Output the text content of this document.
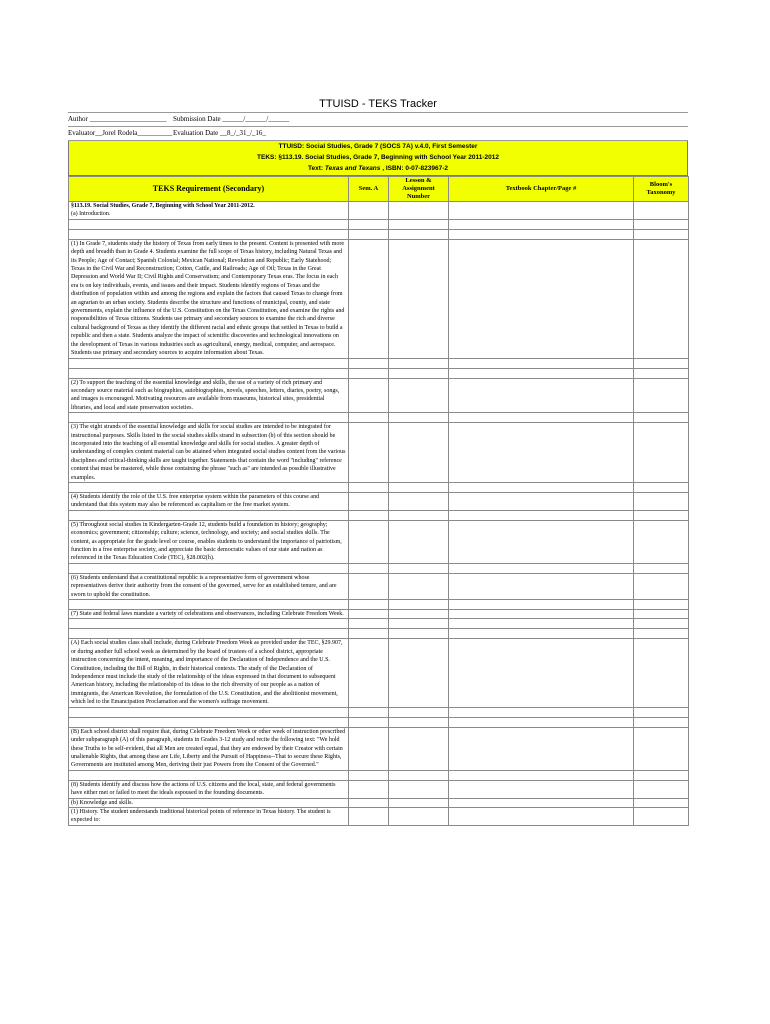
TTUISD - TEKS Tracker
Author ______________________ Submission Date ______/______/______
Evaluator__Jorel Rodela__________ Evaluation Date __8_/_31_/_16_
TTUISD: Social Studies, Grade 7 (SOCS 7A) v.4.0, First Semester
TEKS: §113.19. Social Studies, Grade 7, Beginning with School Year 2011-2012
Text: Texas and Texans , ISBN: 0-07-823967-2
TEKS Requirement (Secondary)	Sem. A	Lesson & Assignment Number	Textbook Chapter/Page #	Bloom's Taxonomy

§113.19. Social Studies, Grade 7, Beginning with School Year 2011-2012.
(a) Introduction.				

(1) In Grade 7, students study the history of Texas from early times to the present. Content is presented with more depth and breadth than in Grade 4. Students examine the full scope of Texas history, including Natural Texas and its People; Age of Contact; Spanish Colonial; Mexican National; Revolution and Republic; Early Statehood; Texas in the Civil War and Reconstruction; Cotton, Cattle, and Railroads; Age of Oil; Texas in the Great Depression and World War II; Civil Rights and Conservatism; and Contemporary Texas eras. The focus in each era is on key individuals, events, and issues and their impact. Students identify regions of Texas and the distribution of population within and among the regions and explain the factors that caused Texas to change from an agrarian to an urban society. Students describe the structure and functions of municipal, county, and state governments, explain the influence of the U.S. Constitution on the Texas Constitution, and examine the rights and responsibilities of Texas citizens. Students use primary and secondary sources to examine the rich and diverse cultural background of Texas as they identify the different racial and ethnic groups that settled in Texas to build a republic and then a state. Students analyze the impact of scientific discoveries and technological innovations on the development of Texas in various industries such as agricultural, energy, medical, computer, and aerospace. Students use primary and secondary sources to acquire information about Texas.				

(2) To support the teaching of the essential knowledge and skills, the use of a variety of rich primary and secondary source material such as biographies, autobiographies, novels, speeches, letters, diaries, poetry, songs, and images is encouraged. Motivating resources are available from museums, historical sites, presidential libraries, and local and state preservation societies.				

(3) The eight strands of the essential knowledge and skills for social studies are intended to be integrated for instructional purposes. Skills listed in the social studies skills strand in subsection (b) of this section should be incorporated into the teaching of all essential knowledge and skills for social studies. A greater depth of understanding of complex content material can be attained when integrated social studies content from the various disciplines and critical-thinking skills are taught together. Statements that contain the word "including" reference content that must be mastered, while those containing the phrase "such as" are intended as possible illustrative examples.				

(4) Students identify the role of the U.S. free enterprise system within the parameters of this course and understand that this system may also be referenced as capitalism or the free market system.				

(5) Throughout social studies in Kindergarten-Grade 12, students build a foundation in history; geography; economics; government; citizenship; culture; science, technology, and society; and social studies skills. The content, as appropriate for the grade level or course, enables students to understand the importance of patriotism, function in a free enterprise society, and appreciate the basic democratic values of our state and nation as referenced in the Texas Education Code (TEC), §28.002(h).				

(6) Students understand that a constitutional republic is a representative form of government whose representatives derive their authority from the consent of the governed, serve for an established tenure, and are sworn to uphold the constitution.				

(7) State and federal laws mandate a variety of celebrations and observances, including Celebrate Freedom Week.				

(A) Each social studies class shall include, during Celebrate Freedom Week as provided under the TEC, §29.907, or during another full school week as determined by the board of trustees of a school district, appropriate instruction concerning the intent, meaning, and importance of the Declaration of Independence and the U.S. Constitution, including the Bill of Rights, in their historical contexts. The study of the Declaration of Independence must include the study of the relationship of the ideas expressed in that document to subsequent American history, including the relationship of its ideas to the rich diversity of our people as a nation of immigrants, the American Revolution, the formulation of the U.S. Constitution, and the abolitionist movement, which led to the Emancipation Proclamation and the women's suffrage movement.				

(B) Each school district shall require that, during Celebrate Freedom Week or other week of instruction prescribed under subparagraph (A) of this paragraph, students in Grades 3-12 study and recite the following text: "We hold these Truths to be self-evident, that all Men are created equal, that they are endowed by their Creator with certain unalienable Rights, that among these are Life, Liberty and the Pursuit of Happiness--That to secure these Rights, Governments are instituted among Men, deriving their just Powers from the Consent of the Governed."				

(8) Students identify and discuss how the actions of U.S. citizens and the local, state, and federal governments have either met or failed to meet the ideals espoused in the founding documents.				

(b) Knowledge and skills.				

(1) History. The student understands traditional historical points of reference in Texas history. The student is expected to:				
